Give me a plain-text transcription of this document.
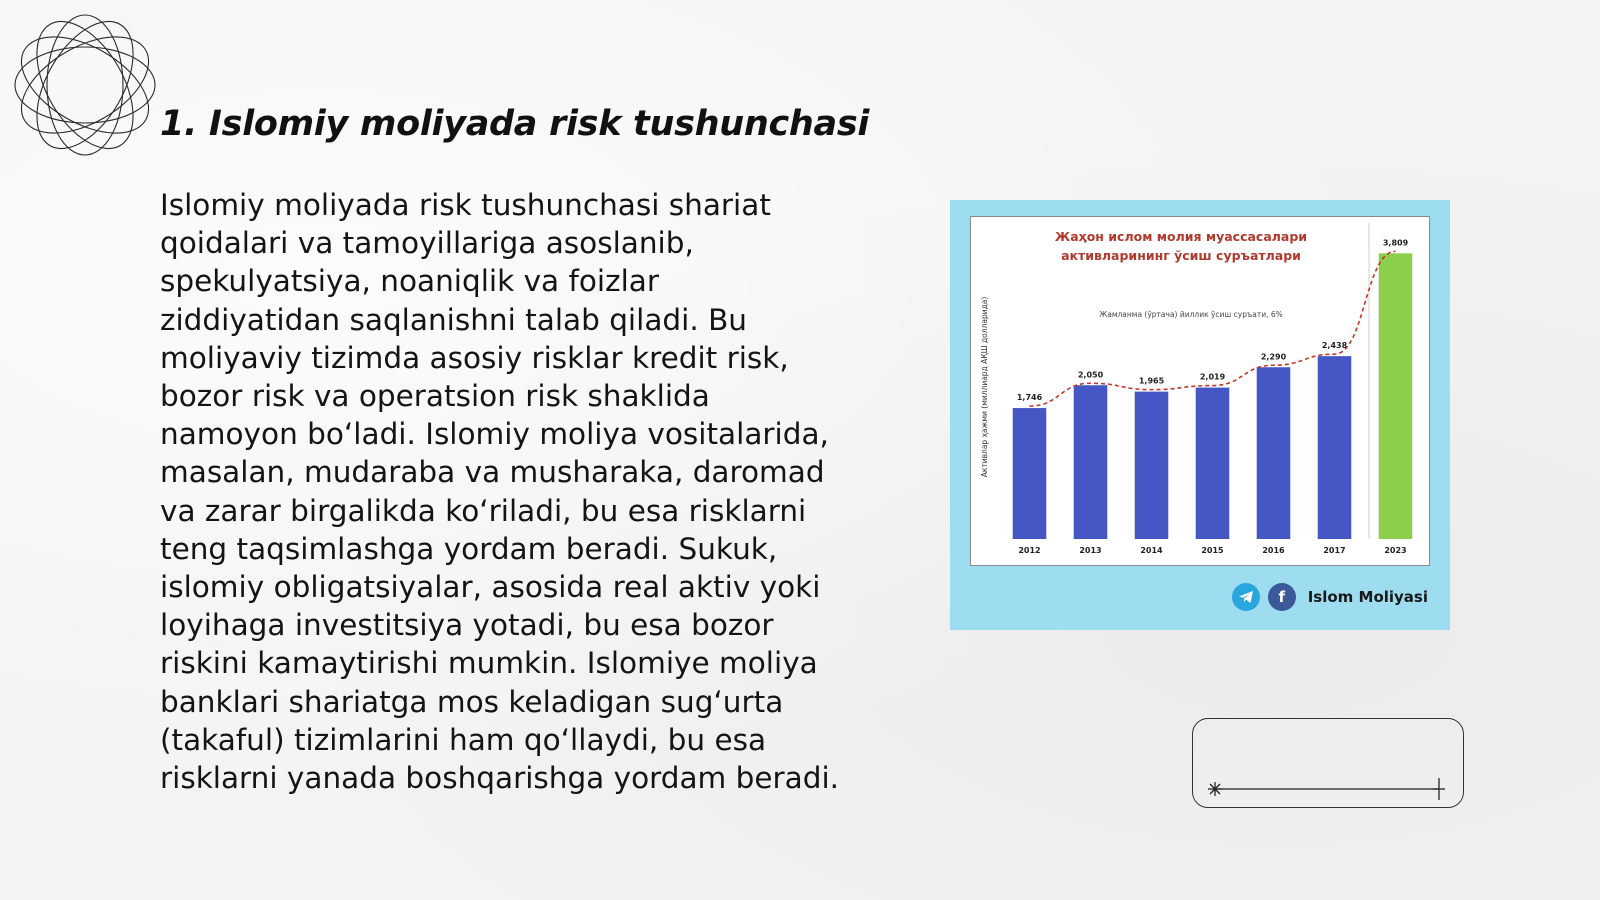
1. Islomiy moliyada risk tushunchasi

Islomiy moliyada risk tushunchasi shariat qoidalari va tamoyillariga asoslanib, spekulyatsiya, noaniqlik va foizlar ziddiyatidan saqlanishni talab qiladi. Bu moliyaviy tizimda asosiy risklar kredit risk, bozor risk va operatsion risk shaklida namoyon bo‘ladi. Islomiy moliya vositalarida, masalan, mudaraba va musharaka, daromad va zarar birgalikda ko‘riladi, bu esa risklarni teng taqsimlashga yordam beradi. Sukuk, islomiy obligatsiyalar, asosida real aktiv yoki loyihaga investitsiya yotadi, bu esa bozor riskini kamaytirishi mumkin. Islomiye moliya banklari shariatga mos keladigan sug‘urta (takaful) tizimlarini ham qo‘llaydi, bu esa risklarni yanada boshqarishga yordam beradi.

Жаҳон ислом молия муассасалари
активларининг ўсиш суръатлари
Активлар ҳажми (миллиард АҚШ долларида)	Жамланма (ўртача) йиллик ўсиш суръати, 6%
1,746
2012
2,050
2013
1,965
2014
2,019
2015
2,290
2016
2,438
2017
3,809
2023
f	Islom Moliyasi
